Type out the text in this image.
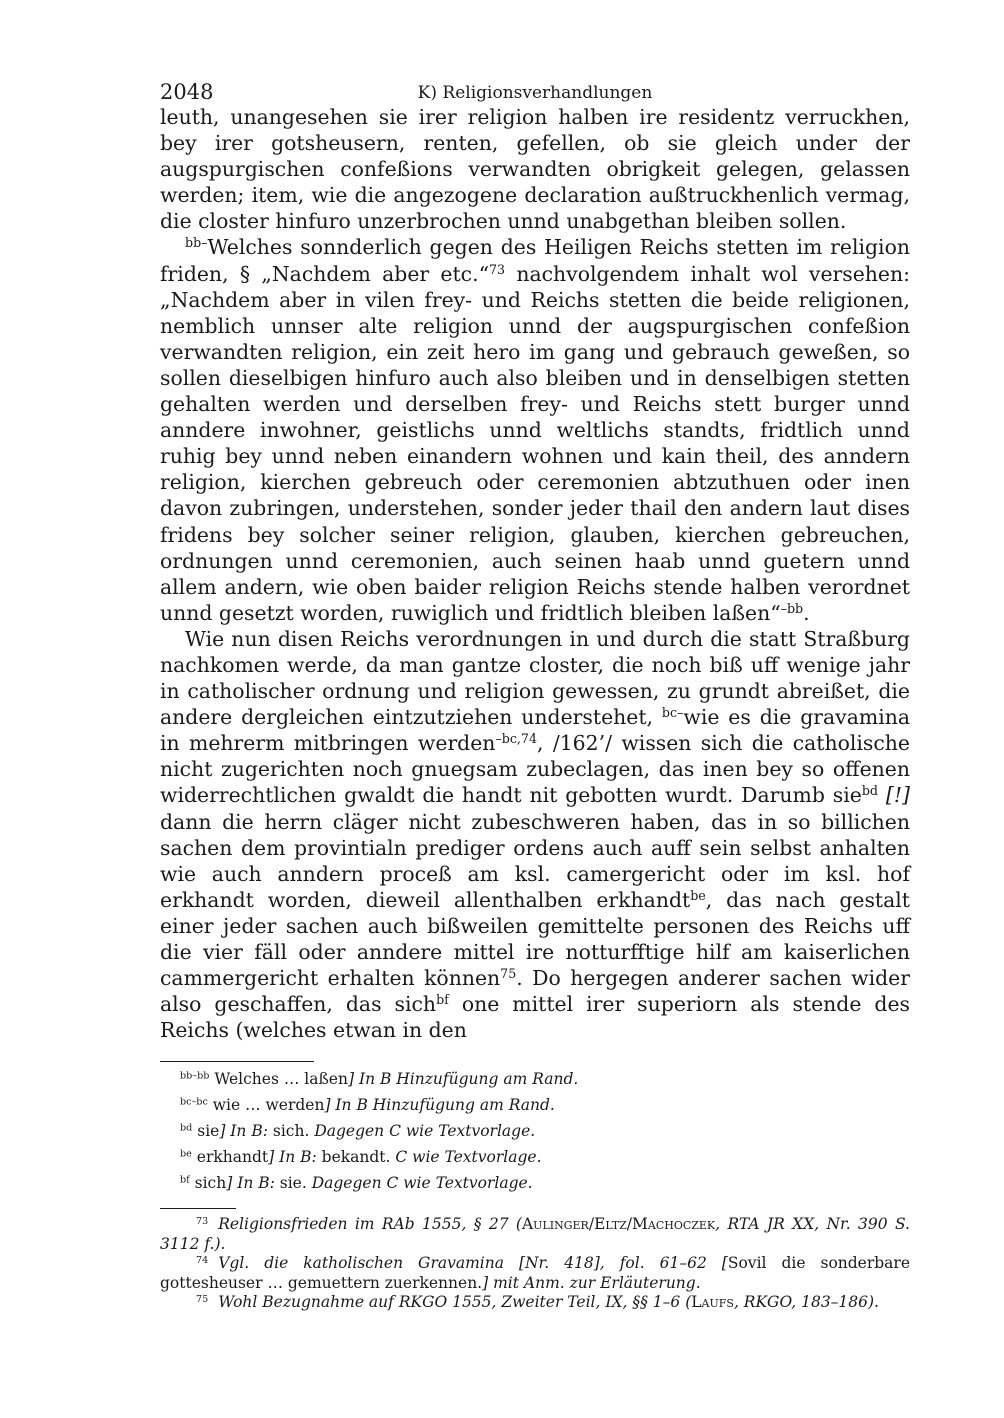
2048	K) Religionsverhandlungen

leuth, unangesehen sie irer religion halben ire residentz verruckhen, bey irer gotsheusern, renten, gefellen, ob sie gleich under der augspurgischen confeßions verwandten obrigkeit gelegen, gelassen werden; item, wie die angezogene declaration außtruckhenlich vermag, die closter hinfuro unzerbrochen unnd unabgethan bleiben sollen.

$^{bb-}$Welches sonnderlich gegen des Heiligen Reichs stetten im religion friden, § „Nachdem aber etc.“$^{73}$ nachvolgendem inhalt wol versehen: „Nachdem aber in vilen frey- und Reichs stetten die beide religionen, nemblich unnser alte religion unnd der augspurgischen confeßion verwandten religion, ein zeit hero im gang und gebrauch geweßen, so sollen dieselbigen hinfuro auch also bleiben und in denselbigen stetten gehalten werden und derselben frey- und Reichs stett burger unnd anndere inwohner, geistlichs unnd weltlichs standts, fridtlich unnd ruhig bey unnd neben einandern wohnen und kain theil, des anndern religion, kierchen gebreuch oder ceremonien abtzuthuen oder inen davon zubringen, understehen, sonder jeder thail den andern laut dises fridens bey solcher seiner religion, glauben, kierchen gebreuchen, ordnungen unnd ceremonien, auch seinen haab unnd guetern unnd allem andern, wie oben baider religion Reichs stende halben verordnet unnd gesetzt worden, ruwiglich und fridtlich bleiben laßen“$^{-bb}$.

Wie nun disen Reichs verordnungen in und durch die statt Straßburg nachkomen werde, da man gantze closter, die noch biß uff wenige jahr in catholischer ordnung und religion gewessen, zu grundt abreißet, die andere dergleichen eintzutziehen understehet, $^{bc-}$wie es die gravamina in mehrerm mitbringen werden$^{-bc,74}$, /162’/ wissen sich die catholische nicht zugerichten noch gnuegsam zubeclagen, das inen bey so offenen widerrechtlichen gwaldt die handt nit gebotten wurdt. Darumb sie$^{bd}$ [!] dann die herrn cläger nicht zubeschweren haben, das in so billichen sachen dem provintialn prediger ordens auch auff sein selbst anhalten wie auch anndern proceß am ksl. camergericht oder im ksl. hof erkhandt worden, dieweil allenthalben erkhandt$^{be}$, das nach gestalt einer jeder sachen auch bißweilen gemittelte personen des Reichs uff die vier fäll oder anndere mittel ire notturfftige hilf am kaiserlichen cammergericht erhalten können$^{75}$. Do hergegen anderer sachen wider also geschaffen, das sich$^{bf}$ one mittel irer superiorn als stende des Reichs (welches etwan in den

$^{bb-bb}$ Welches … laßen] In B Hinzufügung am Rand.
$^{bc-bc}$ wie … werden] In B Hinzufügung am Rand.
$^{bd}$ sie] In B: sich. Dagegen C wie Textvorlage.
$^{be}$ erkhandt] In B: bekandt. C wie Textvorlage.
$^{bf}$ sich] In B: sie. Dagegen C wie Textvorlage.
$^{73}$ Religionsfrieden im RAb 1555, § 27 (Aulinger/Eltz/Machoczek, RTA JR XX, Nr. 390 S. 3112 f.).
$^{74}$ Vgl. die katholischen Gravamina [Nr. 418], fol. 61–62 [Sovil die sonderbare gottesheuser … gemuettern zuerkennen.] mit Anm. zur Erläuterung.
$^{75}$ Wohl Bezugnahme auf RKGO 1555, Zweiter Teil, IX, §§ 1–6 (Laufs, RKGO, 183–186).
